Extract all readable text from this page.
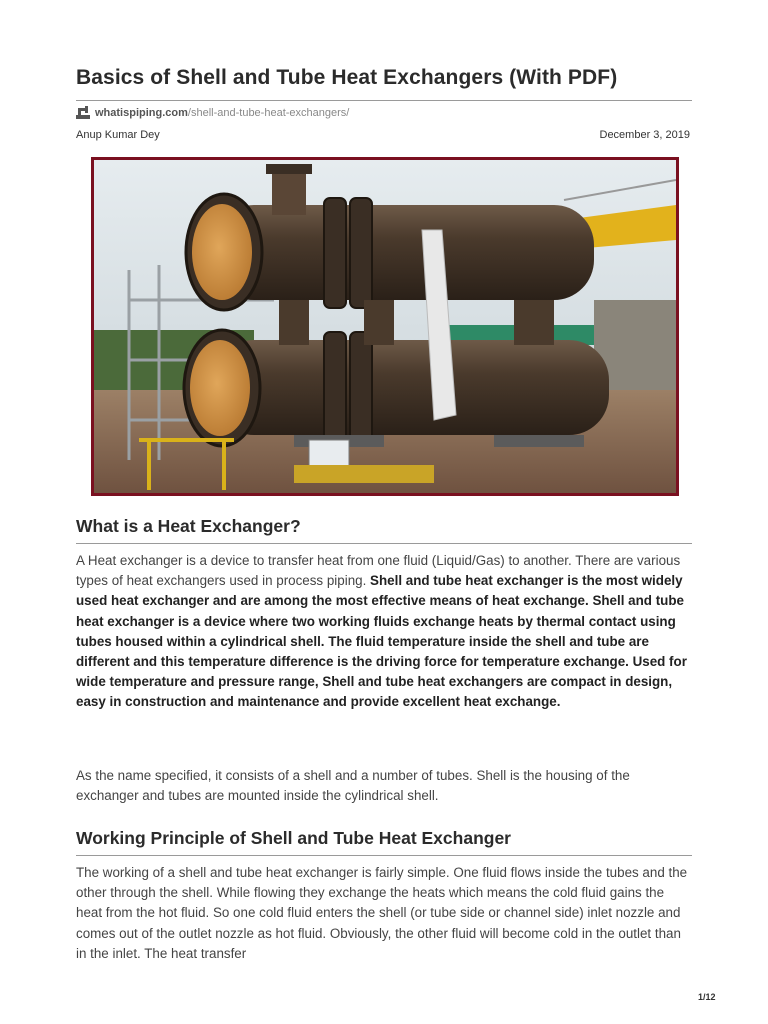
Basics of Shell and Tube Heat Exchangers (With PDF)
whatispiping.com /shell-and-tube-heat-exchangers/
Anup Kumar Dey	December 3, 2019
What is a Heat Exchanger?

A Heat exchanger is a device to transfer heat from one fluid (Liquid/Gas) to another. There are various types of heat exchangers used in process piping. Shell and tube heat exchanger is the most widely used heat exchanger and are among the most effective means of heat exchange. Shell and tube heat exchanger is a device where two working fluids exchange heats by thermal contact using tubes housed within a cylindrical shell. The fluid temperature inside the shell and tube are different and this temperature difference is the driving force for temperature exchange. Used for wide temperature and pressure range, Shell and tube heat exchangers are compact in design, easy in construction and maintenance and provide excellent heat exchange.

As the name specified, it consists of a shell and a number of tubes. Shell is the housing of the exchanger and tubes are mounted inside the cylindrical shell.

Working Principle of Shell and Tube Heat Exchanger

The working of a shell and tube heat exchanger is fairly simple. One fluid flows inside the tubes and the other through the shell. While flowing they exchange the heats which means the cold fluid gains the heat from the hot fluid. So one cold fluid enters the shell (or tube side or channel side) inlet nozzle and comes out of the outlet nozzle as hot fluid. Obviously, the other fluid will become cold in the outlet than in the inlet. The heat transfer

1/12
